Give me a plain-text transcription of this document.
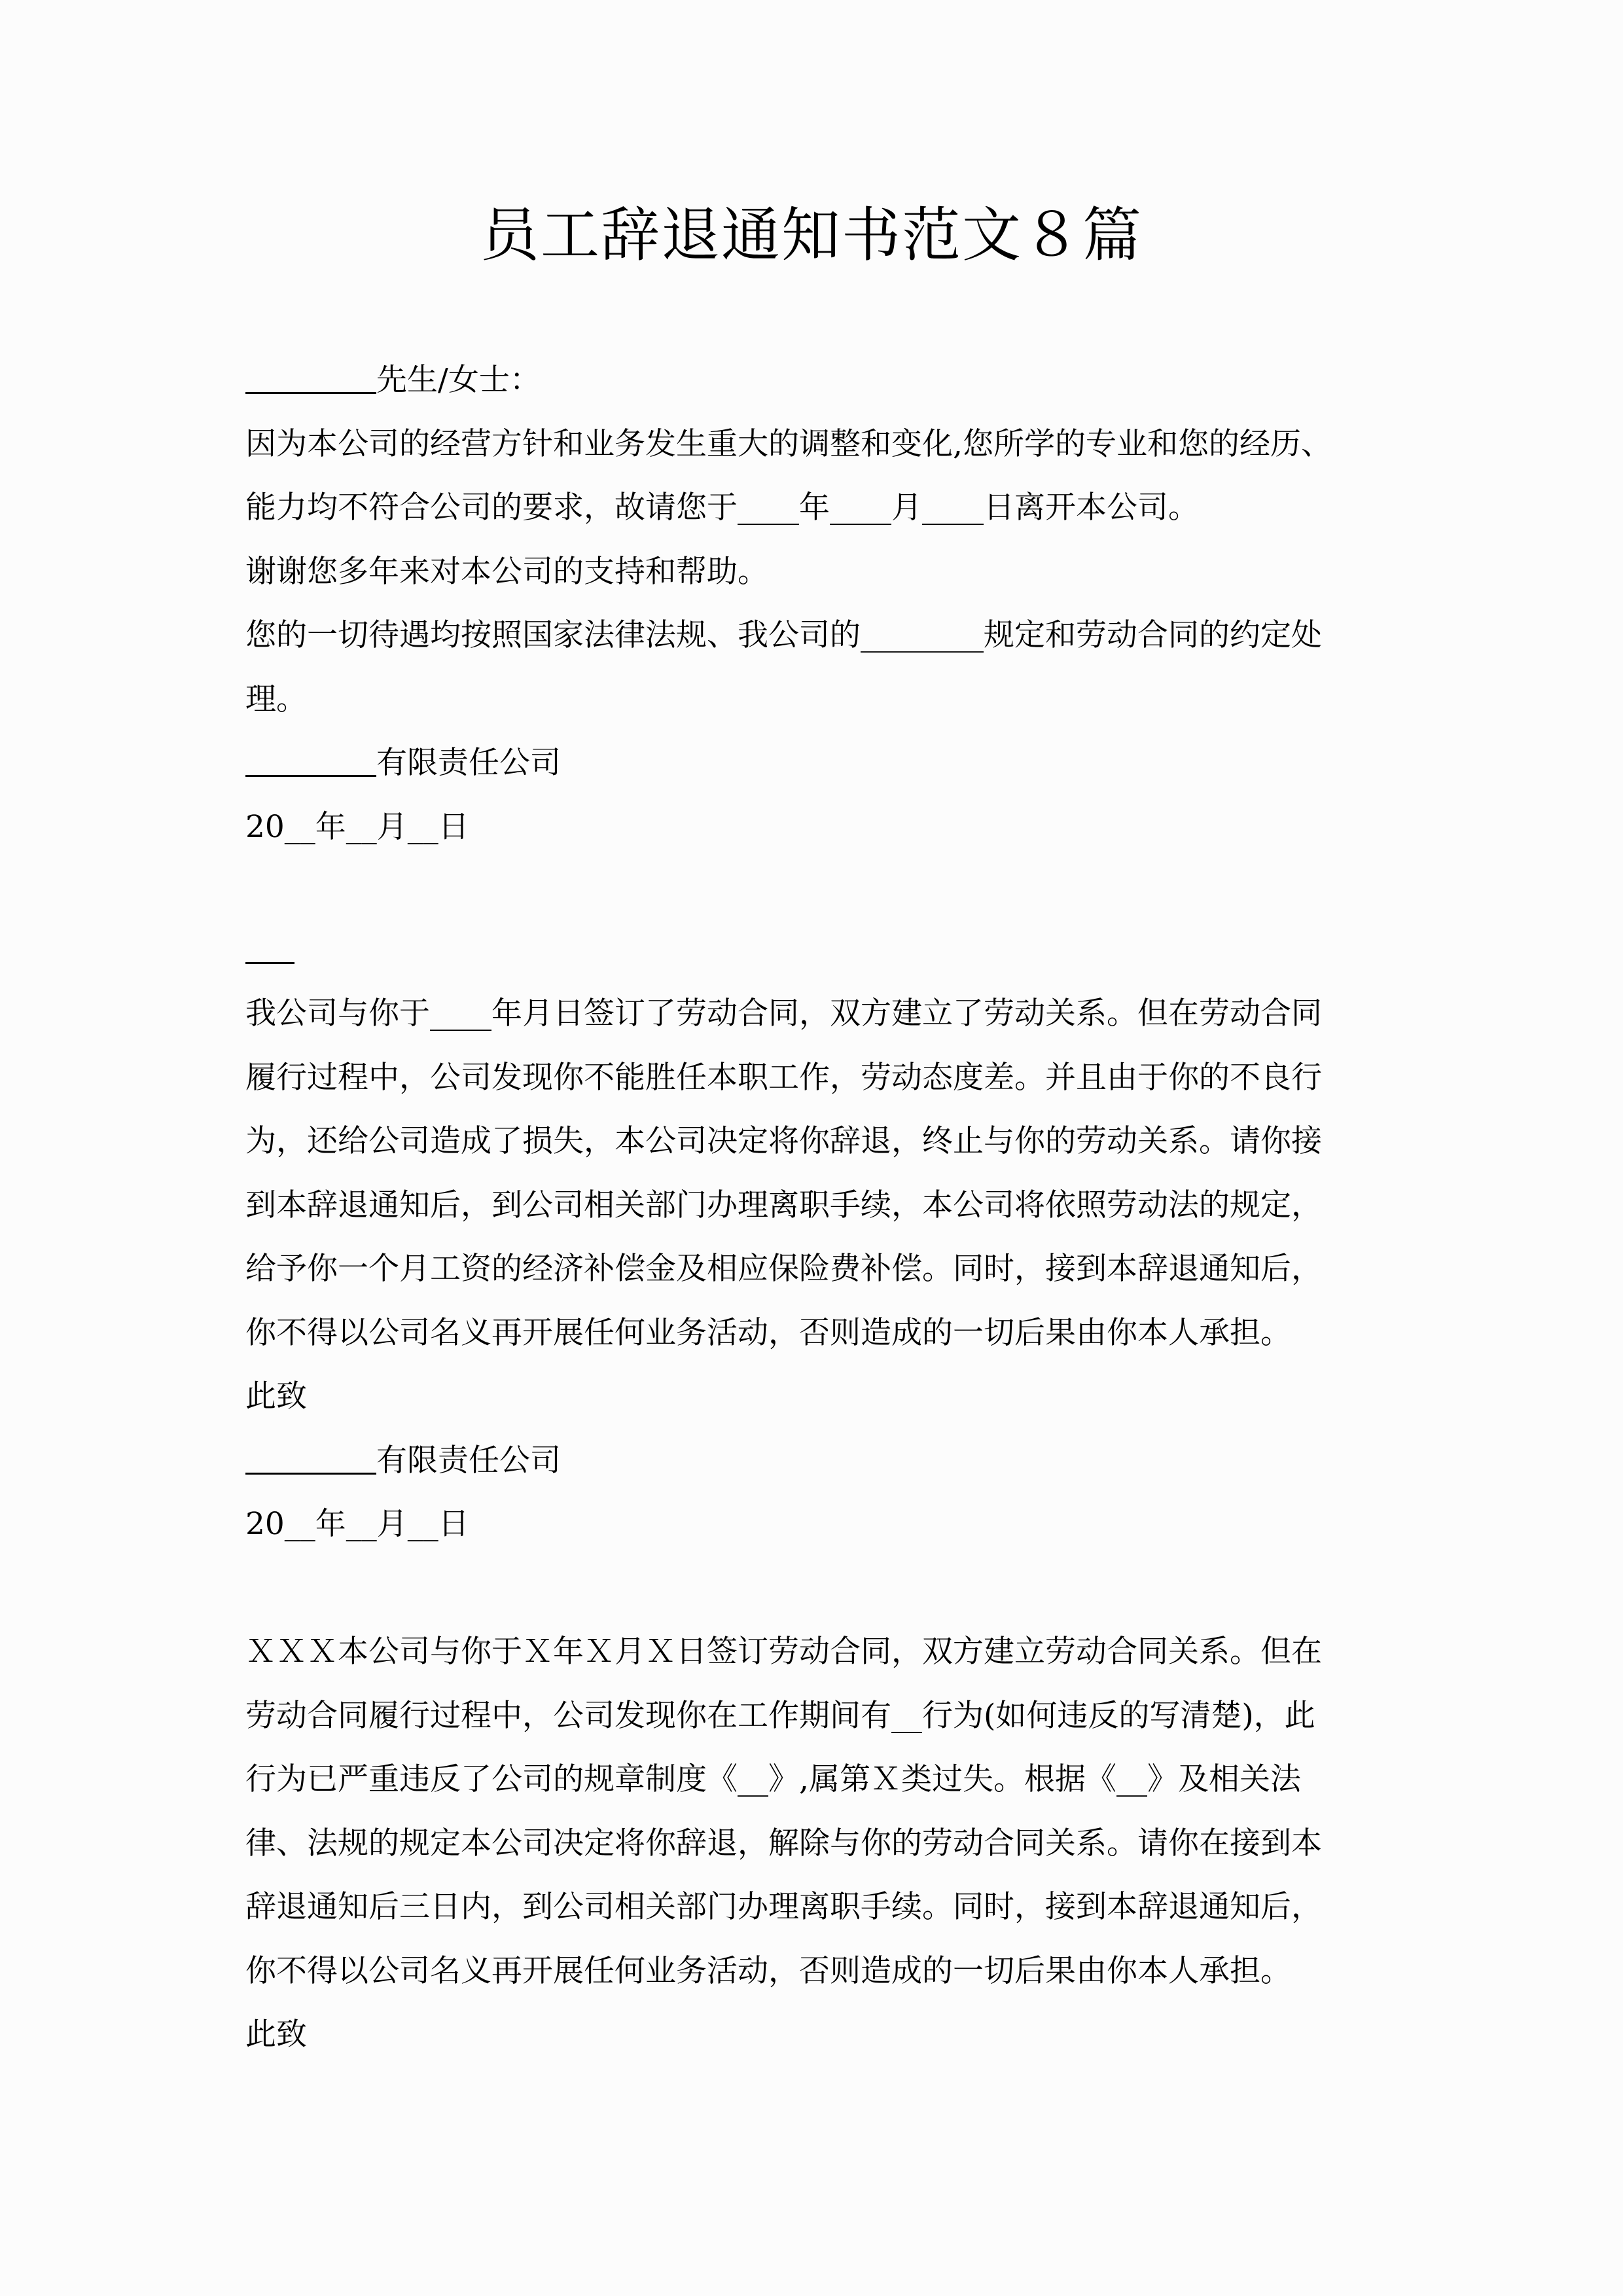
员工辞退通知书范文８篇
先生/女士：
因为本公司的经营方针和业务发生重大的调整和变化,您所学的专业和您的经历、
能力均不符合公司的要求，故请您于____年____月____日离开本公司。
谢谢您多年来对本公司的支持和帮助。
您的一切待遇均按照国家法律法规、我公司的________规定和劳动合同的约定处
理。
有限责任公司
20__年__月__日
我公司与你于____年月日签订了劳动合同，双方建立了劳动关系。但在劳动合同
履行过程中，公司发现你不能胜任本职工作，劳动态度差。并且由于你的不良行
为，还给公司造成了损失，本公司决定将你辞退，终止与你的劳动关系。请你接
到本辞退通知后，到公司相关部门办理离职手续，本公司将依照劳动法的规定，
给予你一个月工资的经济补偿金及相应保险费补偿。同时，接到本辞退通知后，
你不得以公司名义再开展任何业务活动，否则造成的一切后果由你本人承担。
此致
有限责任公司
20__年__月__日
ＸＸＸ本公司与你于Ｘ年Ｘ月Ｘ日签订劳动合同，双方建立劳动合同关系。但在
劳动合同履行过程中，公司发现你在工作期间有__行为(如何违反的写清楚)，此
行为已严重违反了公司的规章制度《__》,属第Ｘ类过失。根据《__》及相关法
律、法规的规定本公司决定将你辞退，解除与你的劳动合同关系。请你在接到本
辞退通知后三日内，到公司相关部门办理离职手续。同时，接到本辞退通知后，
你不得以公司名义再开展任何业务活动，否则造成的一切后果由你本人承担。
此致
